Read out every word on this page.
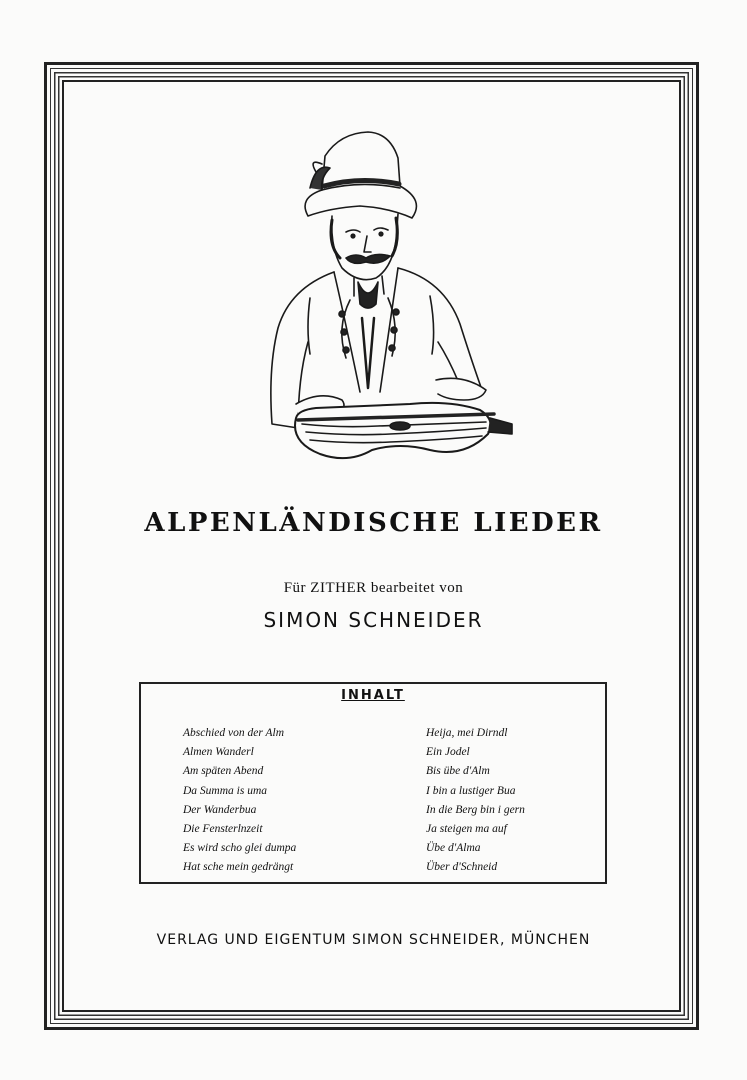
ALPENLÄNDISCHE LIEDER
Für ZITHER bearbeitet von
SIMON SCHNEIDER
INHALT
Abschied von der Alm
Almen Wanderl
Am späten Abend
Da Summa is uma
Der Wanderbua
Die Fensterlnzeit
Es wird scho glei dumpa
Hat sche mein gedrängt
Heija, mei Dirndl
Ein Jodel
Bis übe d'Alm
I bin a lustiger Bua
In die Berg bin i gern
Ja steigen ma auf
Übe d'Alma
Über d'Schneid
VERLAG UND EIGENTUM SIMON SCHNEIDER, MÜNCHEN
